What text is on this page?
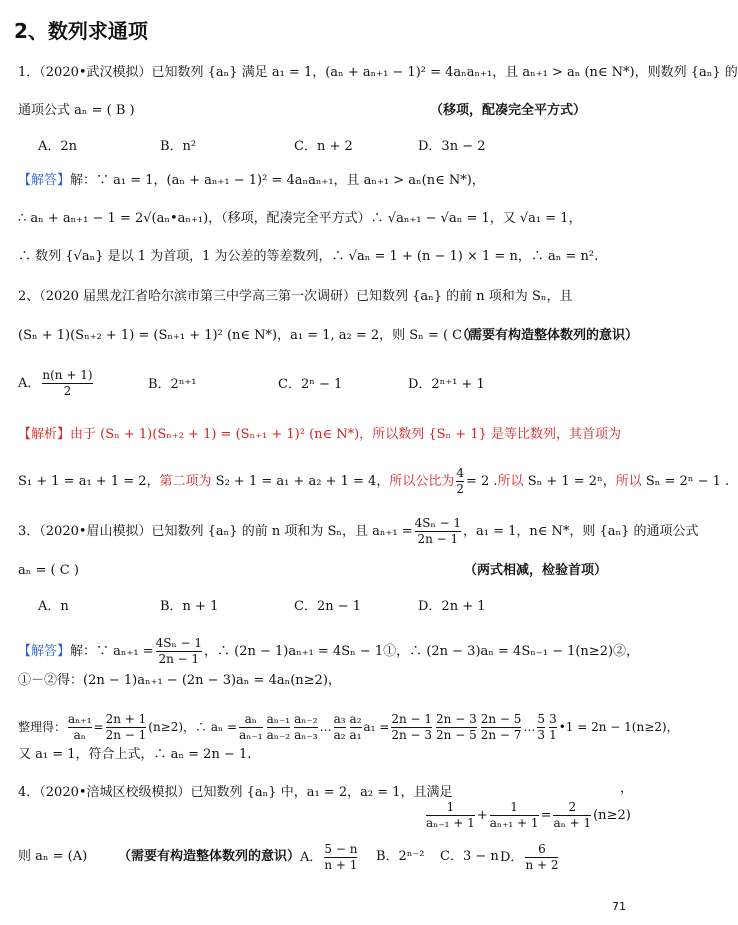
2、数列求通项
1．（2020•武汉模拟）已知数列 {aₙ} 满足 a₁ = 1，(aₙ + aₙ₊₁ − 1)² = 4aₙaₙ₊₁，且 aₙ₊₁ > aₙ (n∈ N*)，则数列 {aₙ} 的
通项公式 aₙ = ( B )	（移项，配凑完全平方式）
A．2n	B．n²	C．n + 2	D．3n − 2
【解答】解：∵ a₁ = 1，(aₙ + aₙ₊₁ − 1)² = 4aₙaₙ₊₁，且 aₙ₊₁ > aₙ(n∈ N*)，
∴ aₙ + aₙ₊₁ − 1 = 2√(aₙ•aₙ₊₁)，（移项，配凑完全平方式）∴ √aₙ₊₁ − √aₙ = 1，又 √a₁ = 1，
∴ 数列 {√aₙ} 是以 1 为首项，1 为公差的等差数列，∴ √aₙ = 1 + (n − 1) × 1 = n，∴ aₙ = n².
2、（2020 届黑龙江省哈尔滨市第三中学高三第一次调研）已知数列 {aₙ} 的前 n 项和为 Sₙ，且
(Sₙ + 1)(Sₙ₊₂ + 1) = (Sₙ₊₁ + 1)² (n∈ N*)，a₁ = 1, a₂ = 2，则 Sₙ = ( C )
（需要有构造整体数列的意识）
A． $\frac{n(n + 1)}{2}$	B．2ⁿ⁺¹	C．2ⁿ − 1	D．2ⁿ⁺¹ + 1
【解析】由于 (Sₙ + 1)(Sₙ₊₂ + 1) = (Sₙ₊₁ + 1)² (n∈ N*)，所以数列 {Sₙ + 1} 是等比数列，其首项为
S₁ + 1 = a₁ + 1 = 2，第二项为 S₂ + 1 = a₁ + a₂ + 1 = 4，所以公比为 $\frac{4}{2} = 2$ .所以 Sₙ + 1 = 2ⁿ，所以 Sₙ = 2ⁿ − 1 .
3．（2020•眉山模拟）已知数列 {aₙ} 的前 n 项和为 Sₙ，且 $a_{n+1} = \frac{\text{4Sₙ − 1}}{2n - 1}$ ，a₁ = 1，n∈ N*，则 {aₙ} 的通项公式
aₙ = ( C )	（两式相减，检验首项）
A．n	B．n + 1	C．2n − 1	D．2n + 1
【解答】解：∵ $a_{n+1} = \frac{\text{4Sₙ − 1}}{2n - 1}$ ，∴ (2n − 1)aₙ₊₁ = 4Sₙ − 1①，∴ (2n − 3)aₙ = 4Sₙ₋₁ − 1(n≥2)②，
①－②得：(2n − 1)aₙ₊₁ − (2n − 3)aₙ = 4aₙ(n≥2)，
整理得： $\frac{\text{aₙ₊₁}}{\text{aₙ}} = \frac{2n + 1}{2n - 1} (n\ge 2)$，∴ $a_n = \frac{\text{aₙ}}{\text{aₙ₋₁}} \frac{\text{aₙ₋₁}}{\text{aₙ₋₂}} \frac{\text{aₙ₋₂}}{\text{aₙ₋₃}}$ … $\frac{\text{a₃}}{\text{a₂}} \frac{\text{a₂}}{\text{a₁}} a_1 = \frac{2n - 1}{2n - 3} \frac{2n - 3}{2n - 5} \frac{2n - 5}{2n - 7}$ … $\frac{5}{3} \frac{3}{1}$ •1 = 2n − 1(n≥2)，
又 a₁ = 1，符合上式，∴ aₙ = 2n − 1.
4．（2020•涪城区校级模拟）已知数列 {aₙ} 中，a₁ = 2，a₂ = 1，且满足
$\frac{1}{\text{aₙ₋₁ + 1}} + \frac{1}{\text{aₙ₊₁ + 1}} = \frac{2}{\text{aₙ + 1}} (n\ge 2)$
，
则 aₙ = (A) （需要有构造整体数列的意识） A． $\frac{5 - n}{n + 1}$ B．2ⁿ⁻² C．3 − n D． $\frac{6}{n + 2}$
71
